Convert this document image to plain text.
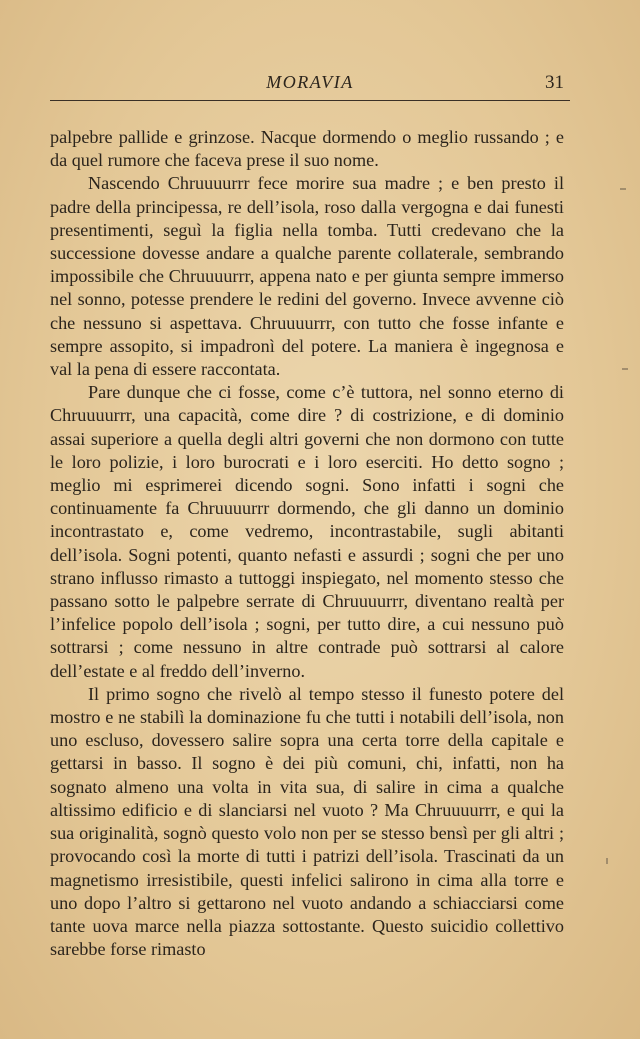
MORAVIA	31

palpebre pallide e grinzose. Nacque dormendo o meglio russando ; e da quel rumore che faceva prese il suo nome.

Nascendo Chruuuurrr fece morire sua madre ; e ben presto il padre della principessa, re dell’isola, roso dalla vergogna e dai funesti presentimenti, seguì la figlia nella tomba. Tutti credevano che la successione dovesse andare a qualche parente collaterale, sembrando impossibile che Chruuuurrr, appena nato e per giunta sempre immerso nel sonno, potesse prendere le redini del governo. Invece avvenne ciò che nessuno si aspettava. Chruuuurrr, con tutto che fosse infante e sempre assopito, si impadronì del potere. La maniera è ingegnosa e val la pena di essere raccontata.

Pare dunque che ci fosse, come c’è tuttora, nel sonno eterno di Chruuuurrr, una capacità, come dire ? di costrizione, e di dominio assai superiore a quella degli altri governi che non dormono con tutte le loro polizie, i loro burocrati e i loro eserciti. Ho detto sogno ; meglio mi esprimerei dicendo sogni. Sono infatti i sogni che continuamente fa Chruuuurrr dormendo, che gli danno un dominio incontrastato e, come vedremo, incontrastabile, sugli abitanti dell’isola. Sogni potenti, quanto nefasti e assurdi ; sogni che per uno strano influsso rimasto a tuttoggi inspiegato, nel momento stesso che passano sotto le palpebre serrate di Chruuuurrr, diventano realtà per l’infelice popolo dell’isola ; sogni, per tutto dire, a cui nessuno può sottrarsi ; come nessuno in altre contrade può sottrarsi al calore dell’estate e al freddo dell’inverno.

Il primo sogno che rivelò al tempo stesso il funesto potere del mostro e ne stabilì la dominazione fu che tutti i notabili dell’isola, non uno escluso, dovessero salire sopra una certa torre della capitale e gettarsi in basso. Il sogno è dei più comuni, chi, infatti, non ha sognato almeno una volta in vita sua, di salire in cima a qualche altissimo edificio e di slanciarsi nel vuoto ? Ma Chruuuurrr, e qui la sua originalità, sognò questo volo non per se stesso bensì per gli altri ; provocando così la morte di tutti i patrizi dell’isola. Trascinati da un magnetismo irresistibile, questi infelici salirono in cima alla torre e uno dopo l’altro si gettarono nel vuoto andando a schiacciarsi come tante uova marce nella piazza sottostante. Questo suicidio collettivo sarebbe forse rimasto
